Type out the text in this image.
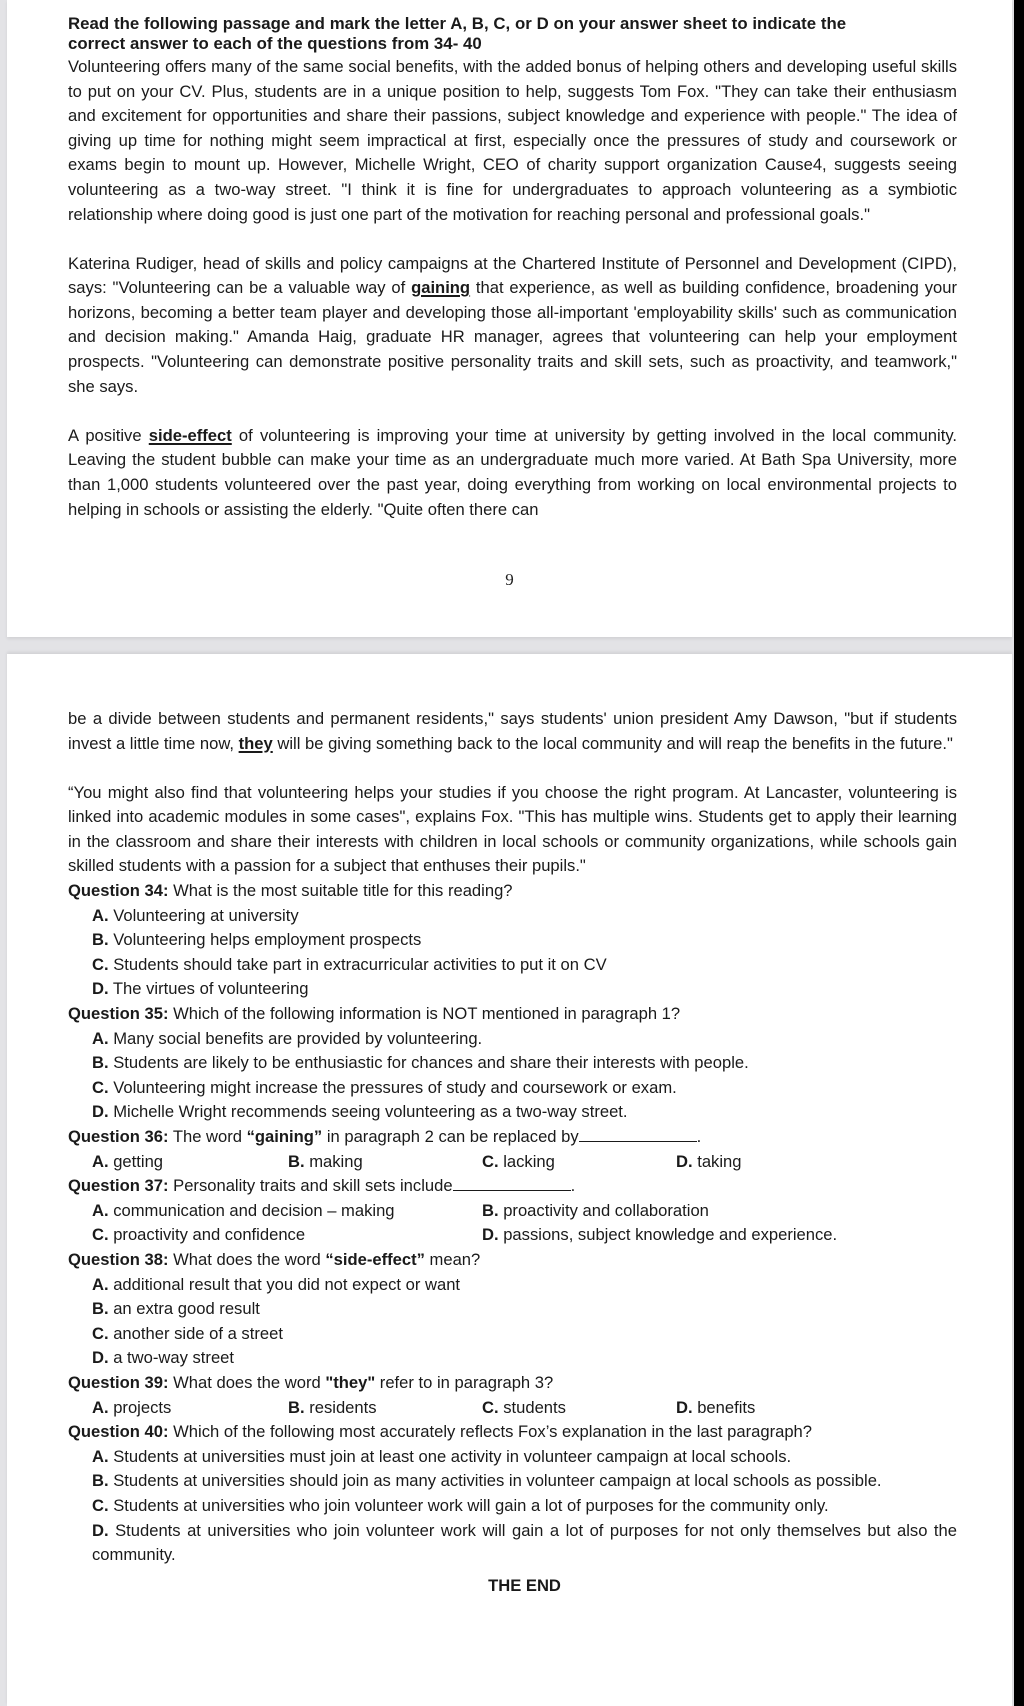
Read the following passage and mark the letter A, B, C, or D on your answer sheet to indicate the
correct answer to each of the questions from 34- 40

Volunteering offers many of the same social benefits, with the added bonus of helping others and developing useful skills to put on your CV. Plus, students are in a unique position to help, suggests Tom Fox. "They can take their enthusiasm and excitement for opportunities and share their passions, subject knowledge and experience with people." The idea of giving up time for nothing might seem impractical at first, especially once the pressures of study and coursework or exams begin to mount up. However, Michelle Wright, CEO of charity support organization Cause4, suggests seeing volunteering as a two-way street. "I think it is fine for undergraduates to approach volunteering as a symbiotic relationship where doing good is just one part of the motivation for reaching personal and professional goals."

Katerina Rudiger, head of skills and policy campaigns at the Chartered Institute of Personnel and Development (CIPD), says: "Volunteering can be a valuable way of gaining that experience, as well as building confidence, broadening your horizons, becoming a better team player and developing those all-important 'employability skills' such as communication and decision making." Amanda Haig, graduate HR manager, agrees that volunteering can help your employment prospects. "Volunteering can demonstrate positive personality traits and skill sets, such as proactivity, and teamwork," she says.

A positive side-effect of volunteering is improving your time at university by getting involved in the local community. Leaving the student bubble can make your time as an undergraduate much more varied. At Bath Spa University, more than 1,000 students volunteered over the past year, doing everything from working on local environmental projects to helping in schools or assisting the elderly. "Quite often there can

9

be a divide between students and permanent residents," says students' union president Amy Dawson, "but if students invest a little time now, they will be giving something back to the local community and will reap the benefits in the future."

“You might also find that volunteering helps your studies if you choose the right program. At Lancaster, volunteering is linked into academic modules in some cases", explains Fox. "This has multiple wins. Students get to apply their learning in the classroom and share their interests with children in local schools or community organizations, while schools gain skilled students with a passion for a subject that enthuses their pupils."

Question 34: What is the most suitable title for this reading?

A. Volunteering at university
B. Volunteering helps employment prospects
C. Students should take part in extracurricular activities to put it on CV
D. The virtues of volunteering

Question 35: Which of the following information is NOT mentioned in paragraph 1?

A. Many social benefits are provided by volunteering.
B. Students are likely to be enthusiastic for chances and share their interests with people.
C. Volunteering might increase the pressures of study and coursework or exam.
D. Michelle Wright recommends seeing volunteering as a two-way street.

Question 36: The word “gaining” in paragraph 2 can be replaced by	.

A. getting	B. making	C. lacking	D. taking

Question 37: Personality traits and skill sets include	.

A. communication and decision – making	B. proactivity and collaboration
C. proactivity and confidence	D. passions, subject knowledge and experience.

Question 38: What does the word “side-effect” mean?

A. additional result that you did not expect or want
B. an extra good result
C. another side of a street
D. a two-way street

Question 39: What does the word "they" refer to in paragraph 3?

A. projects	B. residents	C. students	D. benefits

Question 40: Which of the following most accurately reflects Fox’s explanation in the last paragraph?

A. Students at universities must join at least one activity in volunteer campaign at local schools.
B. Students at universities should join as many activities in volunteer campaign at local schools as possible.
C. Students at universities who join volunteer work will gain a lot of purposes for the community only.
D. Students at universities who join volunteer work will gain a lot of purposes for not only themselves but also the community.
THE END
